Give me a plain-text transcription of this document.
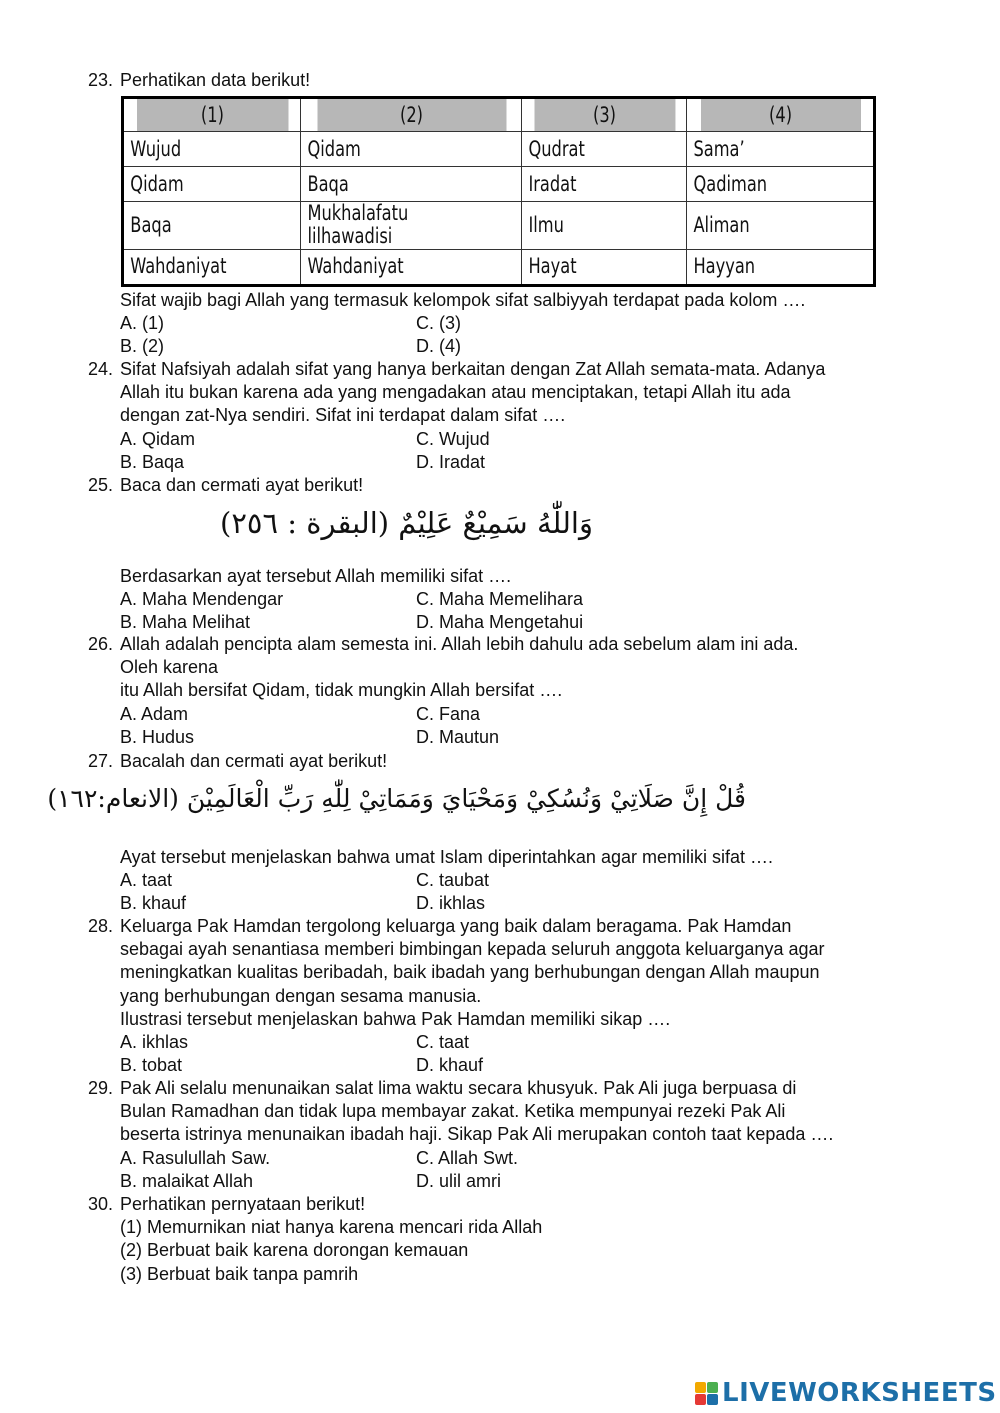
23. Perhatikan data berikut!
(1)	(2)	(3)	(4)
Wujud	Qidam	Qudrat	Sama’
Qidam	Baqa	Iradat	Qadiman
Baqa	Mukhalafatu lilhawadisi	Ilmu	Aliman
Wahdaniyat	Wahdaniyat	Hayat	Hayyan
Sifat wajib bagi Allah yang termasuk kelompok sifat salbiyyah terdapat pada kolom ….
A. (1)	C. (3)
B. (2)	D. (4)
24. Sifat Nafsiyah adalah sifat yang hanya berkaitan dengan Zat Allah semata-mata. Adanya
Allah itu bukan karena ada yang mengadakan atau menciptakan, tetapi Allah itu ada
dengan zat-Nya sendiri. Sifat ini terdapat dalam sifat ….
A. Qidam	C. Wujud
B. Baqa	D. Iradat
25. Baca dan cermati ayat berikut!
وَاللّٰهُ سَمِيْعٌ عَلِيْمٌ (البقرة : ٢٥٦)
Berdasarkan ayat tersebut Allah memiliki sifat ….
A. Maha Mendengar	C. Maha Memelihara
B. Maha Melihat	D. Maha Mengetahui
26. Allah adalah pencipta alam semesta ini. Allah lebih dahulu ada sebelum alam ini ada.
Oleh karena
itu Allah bersifat Qidam, tidak mungkin Allah bersifat ….
A. Adam	C. Fana
B. Hudus	D. Mautun
27. Bacalah dan cermati ayat berikut!
قُلْ إِنَّ صَلَاتِيْ وَنُسُكِيْ وَمَحْيَايَ وَمَمَاتِيْ لِلّٰهِ رَبِّ الْعَالَمِيْنَ (الانعام:١٦٢)
Ayat tersebut menjelaskan bahwa umat Islam diperintahkan agar memiliki sifat ….
A. taat	C. taubat
B. khauf	D. ikhlas
28. Keluarga Pak Hamdan tergolong keluarga yang baik dalam beragama. Pak Hamdan
sebagai ayah senantiasa memberi bimbingan kepada seluruh anggota keluarganya agar
meningkatkan kualitas beribadah, baik ibadah yang berhubungan dengan Allah maupun
yang berhubungan dengan sesama manusia.
Ilustrasi tersebut menjelaskan bahwa Pak Hamdan memiliki sikap ….
A. ikhlas	C. taat
B. tobat	D. khauf
29. Pak Ali selalu menunaikan salat lima waktu secara khusyuk. Pak Ali juga berpuasa di
Bulan Ramadhan dan tidak lupa membayar zakat. Ketika mempunyai rezeki Pak Ali
beserta istrinya menunaikan ibadah haji. Sikap Pak Ali merupakan contoh taat kepada ….
A. Rasulullah Saw.	C. Allah Swt.
B. malaikat Allah	D. ulil amri
30. Perhatikan pernyataan berikut!
(1) Memurnikan niat hanya karena mencari rida Allah
(2) Berbuat baik karena dorongan kemauan
(3) Berbuat baik tanpa pamrih
LIVEWORKSHEETS
